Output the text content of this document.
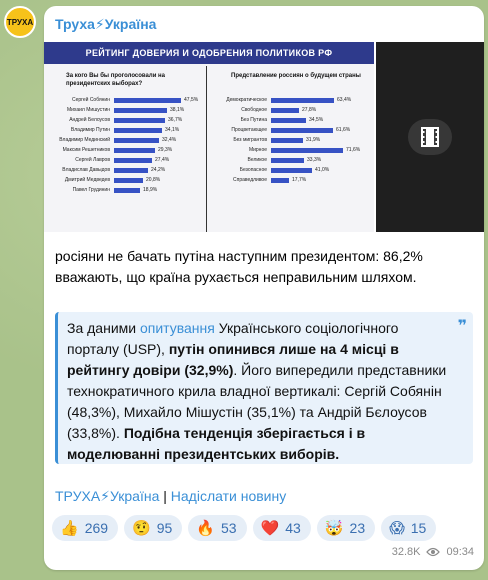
ТРУХА Труха⚡Україна
РЕЙТИНГ ДОВЕРИЯ И ОДОБРЕНИЯ ПОЛИТИКОВ РФ
За кого Вы бы проголосовали на президентских выборах?
Сергей Собянин	47,5%
Михаил Мишустин	38,1%
Андрей Белоусов	36,7%
Владимир Путин	34,1%
Владимир Мединский	32,4%
Максим Решетников	29,3%
Сергей Лавров	27,4%
Владислав Давыдов	24,2%
Дмитрий Медведев	20,8%
Павел Грудинин	18,9%
Представление россиян о будущем страны
Демократическое	63,4%
Свободное	27,8%
Без Путина	34,5%
Процветающее	61,6%
Без мигрантов	31,9%
Мирное	71,6%
Великое	33,3%
Безопасное	41,0%
Справедливое	17,7%
росіяни не бачать путіна наступним президентом: 86,2% вважають, що країна рухається неправильним шляхом.
За даними опитування Українського соціологічного порталу (USP), путін опинився лише на 4 місці в рейтингу довіри (32,9%). Його випередили представники технократичного крила владної вертикалі: Сергій Собянін (48,3%), Михайло Мішустін (35,1%) та Андрій Бєлоусов (33,8%). Подібна тенденція зберігається і в моделюванні президентських виборів.
❞
ТРУХА⚡Україна | Надіслати новину
👍 269 🤨 95 🔥 53 ❤️ 43 🤯 23 😱 15
32.8K 09:34
